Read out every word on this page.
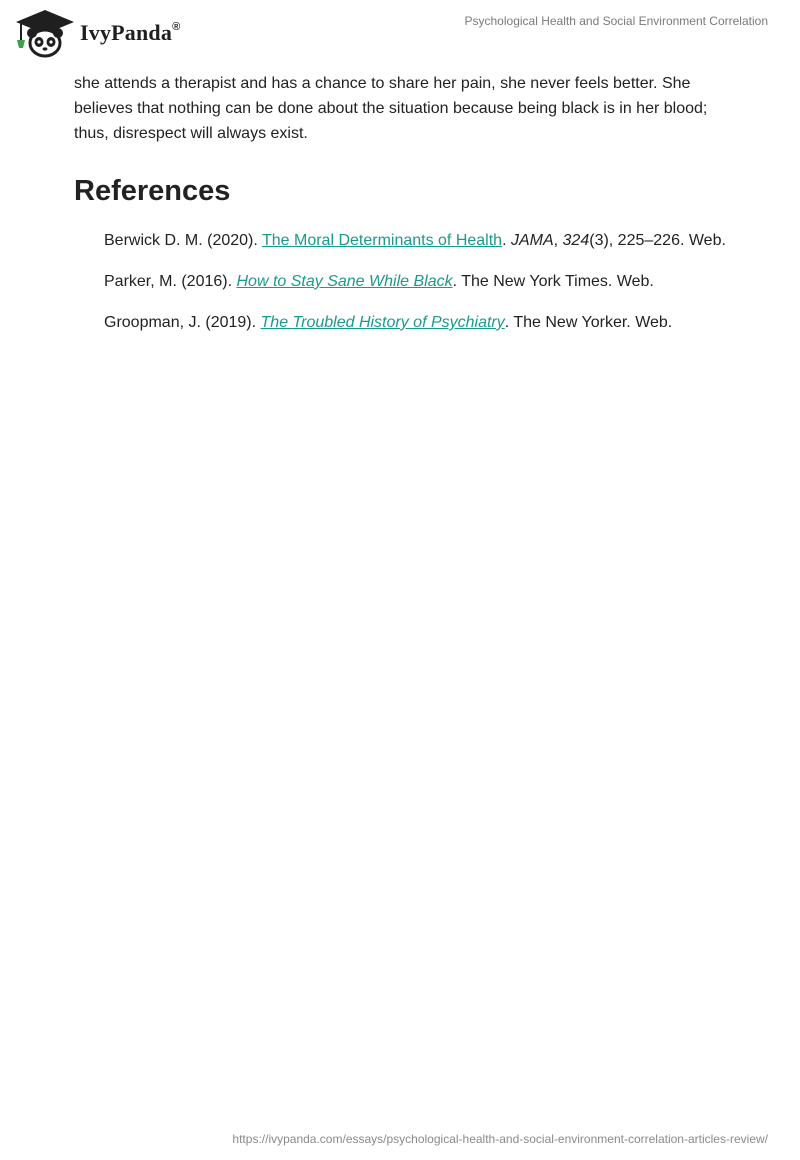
IvyPanda®	Psychological Health and Social Environment Correlation

she attends a therapist and has a chance to share her pain, she never feels better. She believes that nothing can be done about the situation because being black is in her blood; thus, disrespect will always exist.

References

Berwick D. M. (2020). The Moral Determinants of Health. JAMA, 324(3), 225–226. Web.

Parker, M. (2016). How to Stay Sane While Black. The New York Times. Web.

Groopman, J. (2019). The Troubled History of Psychiatry. The New Yorker. Web.

https://ivypanda.com/essays/psychological-health-and-social-environment-correlation-articles-review/
